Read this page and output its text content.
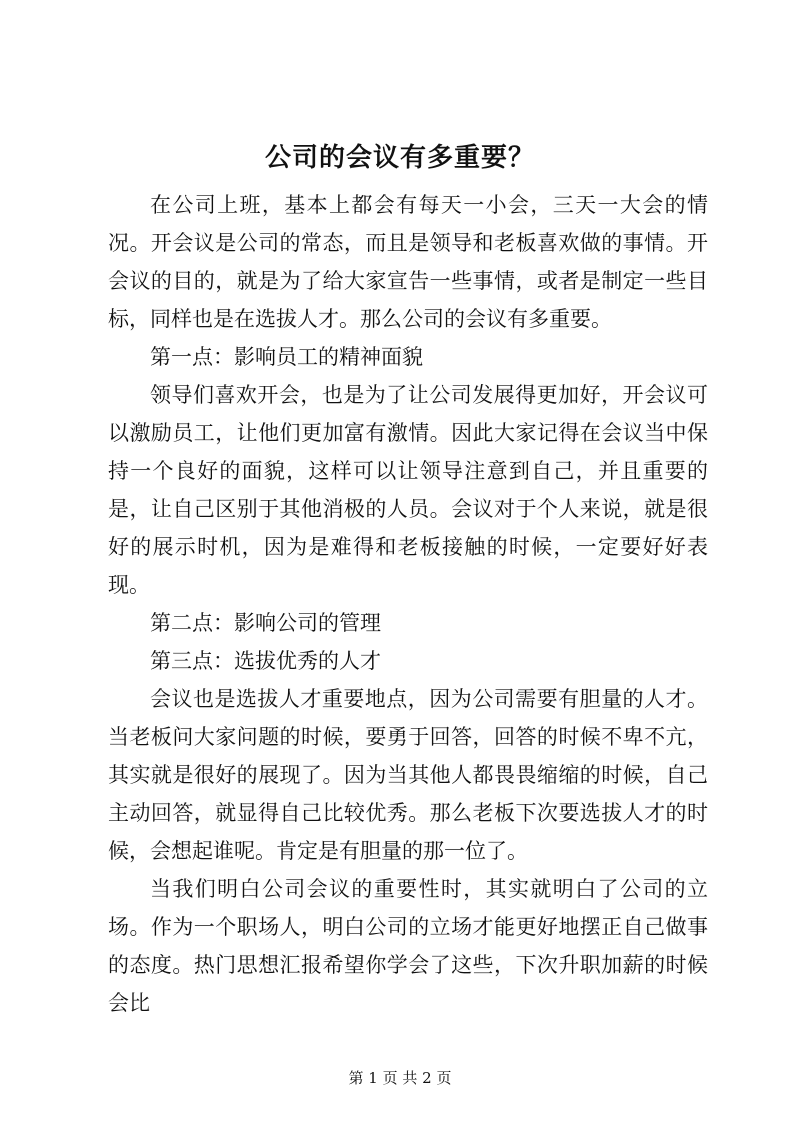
公司的会议有多重要？

在公司上班，基本上都会有每天一小会，三天一大会的情况。开会议是公司的常态，而且是领导和老板喜欢做的事情。开会议的目的，就是为了给大家宣告一些事情，或者是制定一些目标，同样也是在选拔人才。那么公司的会议有多重要。

第一点：影响员工的精神面貌

领导们喜欢开会，也是为了让公司发展得更加好，开会议可以激励员工，让他们更加富有激情。因此大家记得在会议当中保持一个良好的面貌，这样可以让领导注意到自己，并且重要的是，让自己区别于其他消极的人员。会议对于个人来说，就是很好的展示时机，因为是难得和老板接触的时候，一定要好好表现。

第二点：影响公司的管理

第三点：选拔优秀的人才

会议也是选拔人才重要地点，因为公司需要有胆量的人才。当老板问大家问题的时候，要勇于回答，回答的时候不卑不亢，其实就是很好的展现了。因为当其他人都畏畏缩缩的时候，自己主动回答，就显得自己比较优秀。那么老板下次要选拔人才的时候，会想起谁呢。肯定是有胆量的那一位了。

当我们明白公司会议的重要性时，其实就明白了公司的立场。作为一个职场人，明白公司的立场才能更好地摆正自己做事的态度。热门思想汇报希望你学会了这些，下次升职加薪的时候会比

第 1 页 共 2 页
